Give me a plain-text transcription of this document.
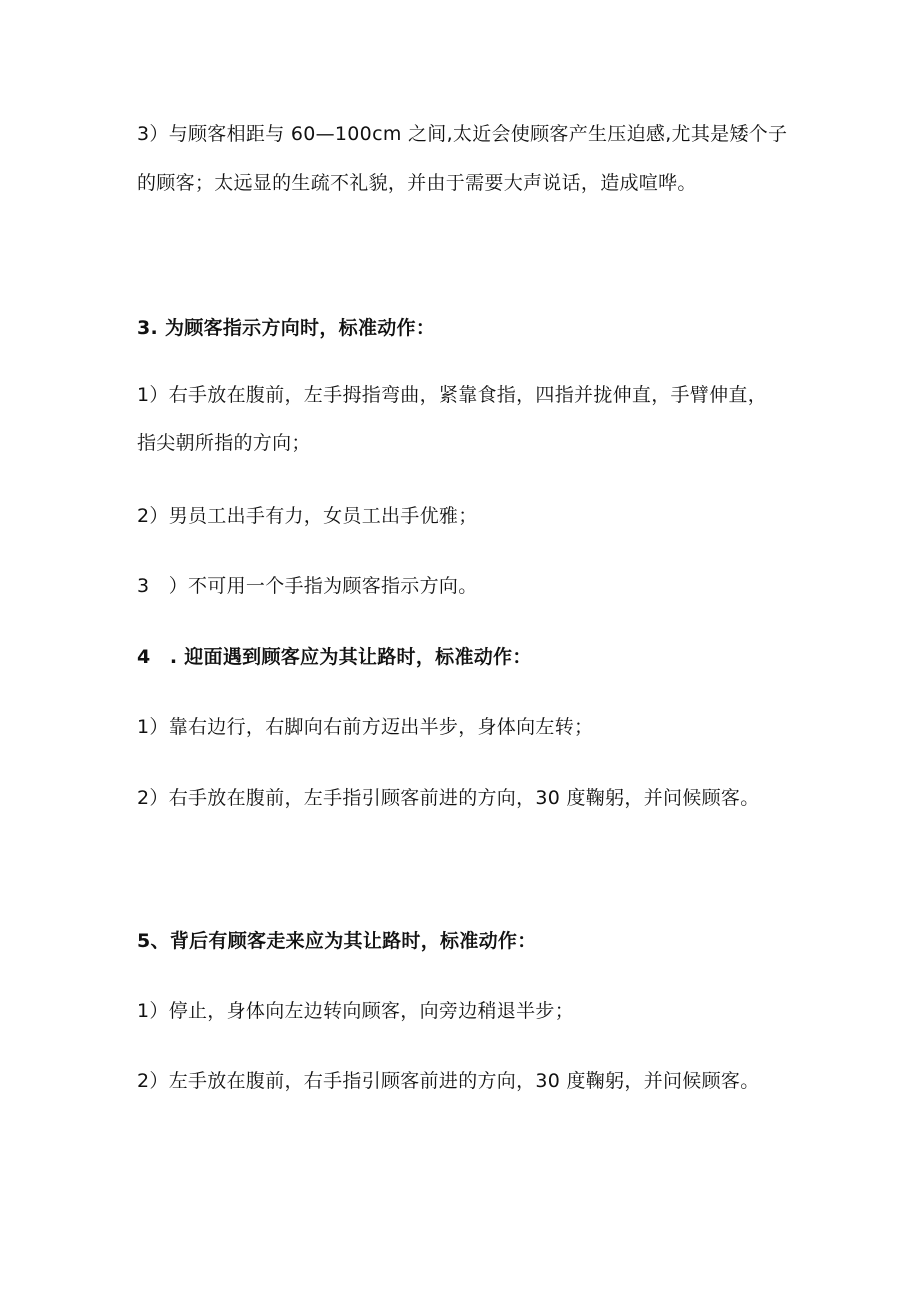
3）与顾客相距与 60—100cm 之间,太近会使顾客产生压迫感,尤其是矮个子
的顾客；太远显的生疏不礼貌，并由于需要大声说话，造成喧哗。
3. 为顾客指示方向时，标准动作：
1）右手放在腹前，左手拇指弯曲，紧靠食指，四指并拢伸直，手臂伸直，
指尖朝所指的方向；
2）男员工出手有力，女员工出手优雅；
3　）不可用一个手指为顾客指示方向。
4　. 迎面遇到顾客应为其让路时，标准动作：
1）靠右边行，右脚向右前方迈出半步，身体向左转；
2）右手放在腹前，左手指引顾客前进的方向，30 度鞠躬，并问候顾客。
5、背后有顾客走来应为其让路时，标准动作：
1）停止，身体向左边转向顾客，向旁边稍退半步；
2）左手放在腹前，右手指引顾客前进的方向，30 度鞠躬，并问候顾客。
